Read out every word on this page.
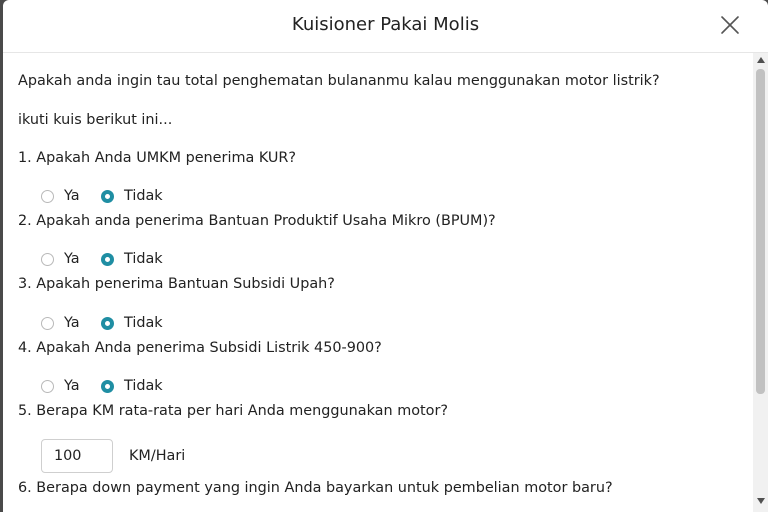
Kuisioner Pakai Molis
Apakah anda ingin tau total penghematan bulananmu kalau menggunakan motor listrik?
ikuti kuis berikut ini...
1. Apakah Anda UMKM penerima KUR?
Ya	Tidak
2. Apakah anda penerima Bantuan Produktif Usaha Mikro (BPUM)?
Ya	Tidak
3. Apakah penerima Bantuan Subsidi Upah?
Ya	Tidak
4. Apakah Anda penerima Subsidi Listrik 450-900?
Ya	Tidak
5. Berapa KM rata-rata per hari Anda menggunakan motor?
100
KM/Hari
6. Berapa down payment yang ingin Anda bayarkan untuk pembelian motor baru?
